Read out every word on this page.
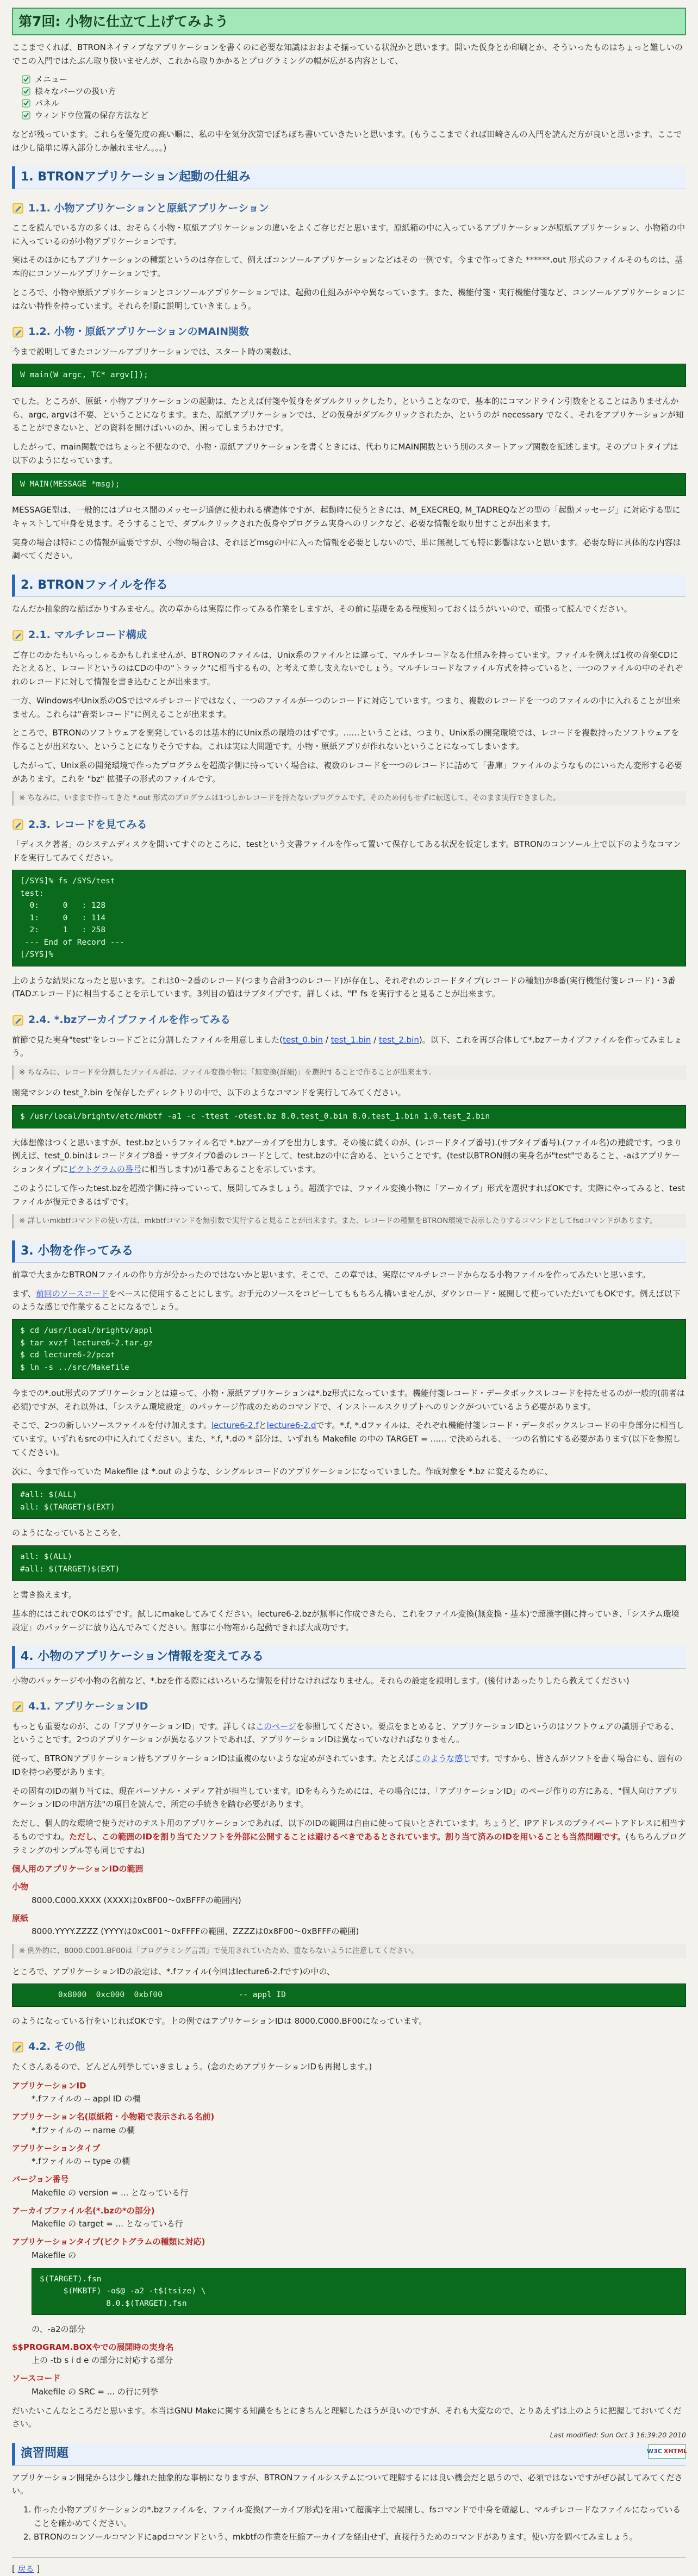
第7回: 小物に仕立て上げてみよう

ここまでくれば、BTRONネイティブなアプリケーションを書くのに必要な知識はおおよそ揃っている状況かと思います。開いた仮身とか印刷とか、そういったものはちょっと難しいのでこの入門ではたぶん取り扱いませんが、これから取りかかるとプログラミングの幅が広がる内容として、

メニュー
様々なパーツの扱い方
パネル
ウィンドウ位置の保存方法など

などが残っています。これらを優先度の高い順に、私の中を気分次第でぼちぼち書いていきたいと思います。(もうここまでくれば田崎さんの入門を読んだ方が良いと思います。ここでは少し簡単に導入部分しか触れません。。。)

1. BTRONアプリケーション起動の仕組み
1.1. 小物アプリケーションと原紙アプリケーション

ここを読んでいる方の多くは、おそらく小物・原紙アプリケーションの違いをよくご存じだと思います。原紙箱の中に入っているアプリケーションが原紙アプリケーション、小物箱の中に入っているのが小物アプリケーションです。

実はそのほかにもアプリケーションの種類というのは存在して、例えばコンソールアプリケーションなどはその一例です。今まで作ってきた ******.out 形式のファイルそのものは、基本的にコンソールアプリケーションです。

ところで、小物や原紙アプリケーションとコンソールアプリケーションでは、起動の仕組みがやや異なっています。また、機能付箋・実行機能付箋など、コンソールアプリケーションにはない特性を持っています。それらを順に説明していきましょう。

1.2. 小物・原紙アプリケーションのMAIN関数

今まで説明してきたコンソールアプリケーションでは、スタート時の関数は、

W main(W argc, TC* argv[]);

でした。ところが、原紙・小物アプリケーションの起動は、たとえば付箋や仮身をダブルクリックしたり、ということなので、基本的にコマンドライン引数をとることはありませんから、argc, argvは不要、ということになります。また、原紙アプリケーションでは、どの仮身がダブルクリックされたか、というのが necessary でなく、それをアプリケーションが知ることができないと、どの資料を開けばいいのか、困ってしまうわけです。

したがって、main関数ではちょっと不便なので、小物・原紙アプリケーションを書くときには、代わりにMAIN関数という別のスタートアップ関数を記述します。そのプロトタイプは以下のようになっています。

W MAIN(MESSAGE *msg);

MESSAGE型は、一般的にはプロセス間のメッセージ通信に使われる構造体ですが、起動時に使うときには、M_EXECREQ, M_TADREQなどの型の「起動メッセージ」に対応する型にキャストして中身を見ます。そうすることで、ダブルクリックされた仮身やプログラム実身へのリンクなど、必要な情報を取り出すことが出来ます。

実身の場合は特にこの情報が重要ですが、小物の場合は、それほどmsgの中に入った情報を必要としないので、単に無視しても特に影響はないと思います。必要な時に具体的な内容は調べてください。

2. BTRONファイルを作る

なんだか抽象的な話ばかりすみません。次の章からは実際に作ってみる作業をしますが、その前に基礎をある程度知っておくほうがいいので、頑張って読んでください。

2.1. マルチレコード構成

ご存じのかたもいらっしゃるかもしれませんが、BTRONのファイルは、Unix系のファイルとは違って、マルチレコードなる仕組みを持っています。ファイルを例えば1枚の音楽CDにたとえると、レコードというのはCDの中の"トラック"に相当するもの、と考えて差し支えないでしょう。マルチレコードなファイル方式を持っていると、一つのファイルの中のそれぞれのレコードに対して情報を書き込むことが出来ます。

一方、WindowsやUnix系のOSではマルチレコードではなく、一つのファイルがーつのレコードに対応しています。つまり、複数のレコードを一つのファイルの中に入れることが出来ません。これらは"音楽レコード"に例えることが出来ます。

ところで、BTRONのソフトウェアを開発しているのは基本的にUnix系の環境のはずです。……ということは、つまり、Unix系の開発環境では、レコードを複数持ったソフトウェアを作ることが出来ない、ということになりそうですね。これは実は大問題です。小物・原紙アプリが作れないということになってしまいます。

したがって、Unix系の開発環境で作ったプログラムを超漢字側に持っていく場合は、複数のレコードを一つのレコードに詰めて「書庫」ファイルのようなものにいったん変形する必要があります。これを "bz" 拡張子の形式のファイルです。

※ ちなみに、いままで作ってきた *.out 形式のプログラムは1つしかレコードを持たないプログラムです。そのため何もせずに転送して、そのまま実行できました。
2.3. レコードを見てみる

「ディスク著者」のシステムディスクを開いてすぐのところに、testという文書ファイルを作って置いて保存してある状況を仮定します。BTRONのコンソール上で以下のようなコマンドを実行してみてください。

[/SYS]% fs /SYS/test
test:
0:     0   : 128
1:     0   : 114
2:     1   : 258
--- End of Record ---
[/SYS]%

上のような結果になったと思います。これは0〜2番のレコード(つまり合計3つのレコード)が存在し、それぞれのレコードタイプ(レコードの種類)が8番(実行機能付箋レコード)・3番(TADエレコード)に相当することを示しています。3列目の値はサブタイプです。詳しくは、"f" fs を実行すると見ることが出来ます。

2.4. *.bzアーカイブファイルを作ってみる

前節で見た実身"test"をレコードごとに分割したファイルを用意しました(test_0.bin / test_1.bin / test_2.bin)。以下、これを再び合体して*.bzアーカイブファイルを作ってみましょう。

※ ちなみに、レコードを分割したファイル群は、ファイル変換小物に「無変換(詳細)」を選択することで作ることが出来ます。

開発マシンの test_?.bin を保存したディレクトリの中で、以下のようなコマンドを実行してみてください。

$ /usr/local/brightv/etc/mkbtf -a1 -c -ttest -otest.bz 8.0.test_0.bin 8.0.test_1.bin 1.0.test_2.bin

大体想像はつくと思いますが、test.bzというファイル名で *.bzアーカイブを出力します。その後に続くのが、(レコードタイプ番号).(サブタイプ番号).(ファイル名)の連続です。つまり例えば、test_0.binはレコードタイプ8番・サブタイプ0番のレコードとして、test.bzの中に含める、ということです。(test以BTRON側の実身名が"test"であること、-aはアプリケーションタイプにピクトグラムの番号に相当します)が1番であることを示しています。

このようにして作ったtest.bzを超漢字側に持っていって、展開してみましょう。超漢字では、ファイル変換小物に「アーカイブ」形式を選択すればOKです。実際にやってみると、testファイルが復元できるはずです。

※ 詳しいmkbtfコマンドの使い方は、mkbtfコマンドを無引数で実行すると見ることが出来ます。また、レコードの種類をBTRON環境で表示したりするコマンドとしてfsdコマンドがあります。
3. 小物を作ってみる

前章で大まかなBTRONファイルの作り方が分かったのではないかと思います。そこで、この章では、実際にマルチレコードからなる小物ファイルを作ってみたいと思います。

まず、前回のソースコードをベースに使用することにします。お手元のソースをコピーしてももちろん構いませんが、ダウンロード・展開して使っていただいてもOKです。例えば以下のような感じで作業することになるでしょう。

$ cd /usr/local/brightv/appl
$ tar xvzf lecture6-2.tar.gz
$ cd lecture6-2/pcat
$ ln -s ../src/Makefile

今までの*.out形式のアプリケーションとは違って、小物・原紙アプリケーションは*.bz形式になっています。機能付箋レコード・データボックスレコードを持たせるのが一般的(前者は必須)ですが、それ以外は、「システム環境設定」のパッケージ作成のためのコマンドで、インストールスクリプトへのリンクがついているよう必要があります。

そこで、2つの新しいソースファイルを付け加えます。lecture6-2.fとlecture6-2.dです。*.f, *.dファイルは、それぞれ機能付箋レコード・データボックスレコードの中身部分に相当しています。いずれもsrcの中に入れてください。また、*.f, *.dの * 部分は、いずれも Makefile の中の TARGET = …… で決められる、一つの名前にする必要があります(以下を参照してください)。

次に、今まで作っていた Makefile は *.out のような、シングルレコードのアプリケーションになっていました。作成対象を *.bz に変えるために、

#all: $(ALL)
all: $(TARGET)$(EXT)

のようになっているところを、

all: $(ALL)
#all: $(TARGET)$(EXT)

と書き換えます。

基本的にはこれでOKのはずです。試しにmakeしてみてください。lecture6-2.bzが無事に作成できたら、これをファイル変換(無変換・基本)で超漢字側に持っていき、「システム環境設定」のパッケージに放り込んでみてください。無事に小物箱から起動できれば大成功です。

4. 小物のアプリケーション情報を変えてみる

小物のパッケージや小物の名前など、*.bzを作る際にはいろいろな情報を付けなければなりません。それらの設定を説明します。(後付けあったりしたら教えてください)

4.1. アプリケーションID

もっとも重要なのが、この「アプリケーションID」です。詳しくはこのページを参照してください。要点をまとめると、アプリケーションIDというのはソフトウェアの識別子である、ということです。2つのアプリケーションが異なるソフトであれば、アプリケーションIDは異なっていなければなりません。

従って、BTRONアプリケーション待ちアプリケーションIDは重複のないような定めがされています。たとえばこのような感じです。ですから、皆さんがソフトを書く場合にも、固有のIDを持つ必要があります。

その固有のIDの割り当ては、現在パーソナル・メディア社が担当しています。IDをもらうためには、その場合には、「アプリケーションID」のページ作りの方にある、"個人向けアプリケーションIDの申請方法"の項目を読んで、所定の手続きを踏む必要があります。

ただし、個人的な環境で使うだけのテスト用のアプリケーションであれば、以下のIDの範囲は自由に使って良いとされています。ちょうど、IPアドレスのプライベートアドレスに相当するものですね。ただし、この範囲のIDを割り当てたソフトを外部に公開することは避けるべきであるとされています。割り当て済みのIDを用いることも当然問題です。(もちろんプログラミングのサンプル等も同じですね)

個人用のアプリケーションIDの範囲
小物
8000.C000.XXXX (XXXXは0x8F00〜0xBFFFの範囲内)
原紙
8000.YYYY.ZZZZ (YYYYは0xC001〜0xFFFFの範囲、ZZZZは0x8F00〜0xBFFFの範囲)
※ 例外的に、8000.C001.BF00は「プログラミング言語」で使用されていたため、重ならないように注意してください。

ところで、アプリケーションIDの設定は、*.fファイル(今回はlecture6-2.fです)の中の、

0x8000  0xc000  0xbf00                -- appl ID

のようになっている行をいじればOKです。上の例ではアプリケーションIDは 8000.C000.BF00になっています。

4.2. その他

たくさんあるので、どんどん列挙していきましょう。(念のためアプリケーションIDも再掲します。)

アプリケーションID
*.fファイルの -- appl ID の欄
アプリケーション名(原紙箱・小物箱で表示される名前)
*.fファイルの -- name の欄
アプリケーションタイプ
*.fファイルの -- type の欄
バージョン番号
Makefile の version = ... となっている行
アーカイブファイル名(*.bzの*の部分)
Makefile の target = ... となっている行
アプリケーションタイプ(ピクトグラムの種類に対応)
Makefile の
$(TARGET).fsn
$(MKBTF) -o$@ -a2 -t$(tsize) \
8.0.$(TARGET).fsn
の、-a2の部分
$$PROGRAM.BOXやでの展開時の実身名
上の -tb s i d e の部分に対応する部分
ソースコード
Makefile の SRC = ... の行に列挙

だいたいこんなところだと思います。本当はGNU Makeに関する知識をもとにきちんと理解したほうが良いのですが、それも大変なので、とりあえずは上のように把握しておいてください。

演習問題

アプリケーション開発からは少し離れた抽象的な事柄になりますが、BTRONファイルシステムについて理解するには良い機会だと思うので、必須ではないですがぜひ試してみてください。

1. 作った小物アプリケーションの*.bzファイルを、ファイル変換(アーカイブ形式)を用いて超漢字上で展開し、fsコマンドで中身を確認し、マルチレコードなファイルになっていることを確かめてください。
2. BTRONのコンソールコマンドにapdコマンドという、mkbtfの作業を圧縮アーカイブを経由せず、直接行うためのコマンドがあります。使い方を調べてみましょう。

[ 戻る ]

Last modified: Sun Oct 3 16:39:20 2010
W3C XHTML
